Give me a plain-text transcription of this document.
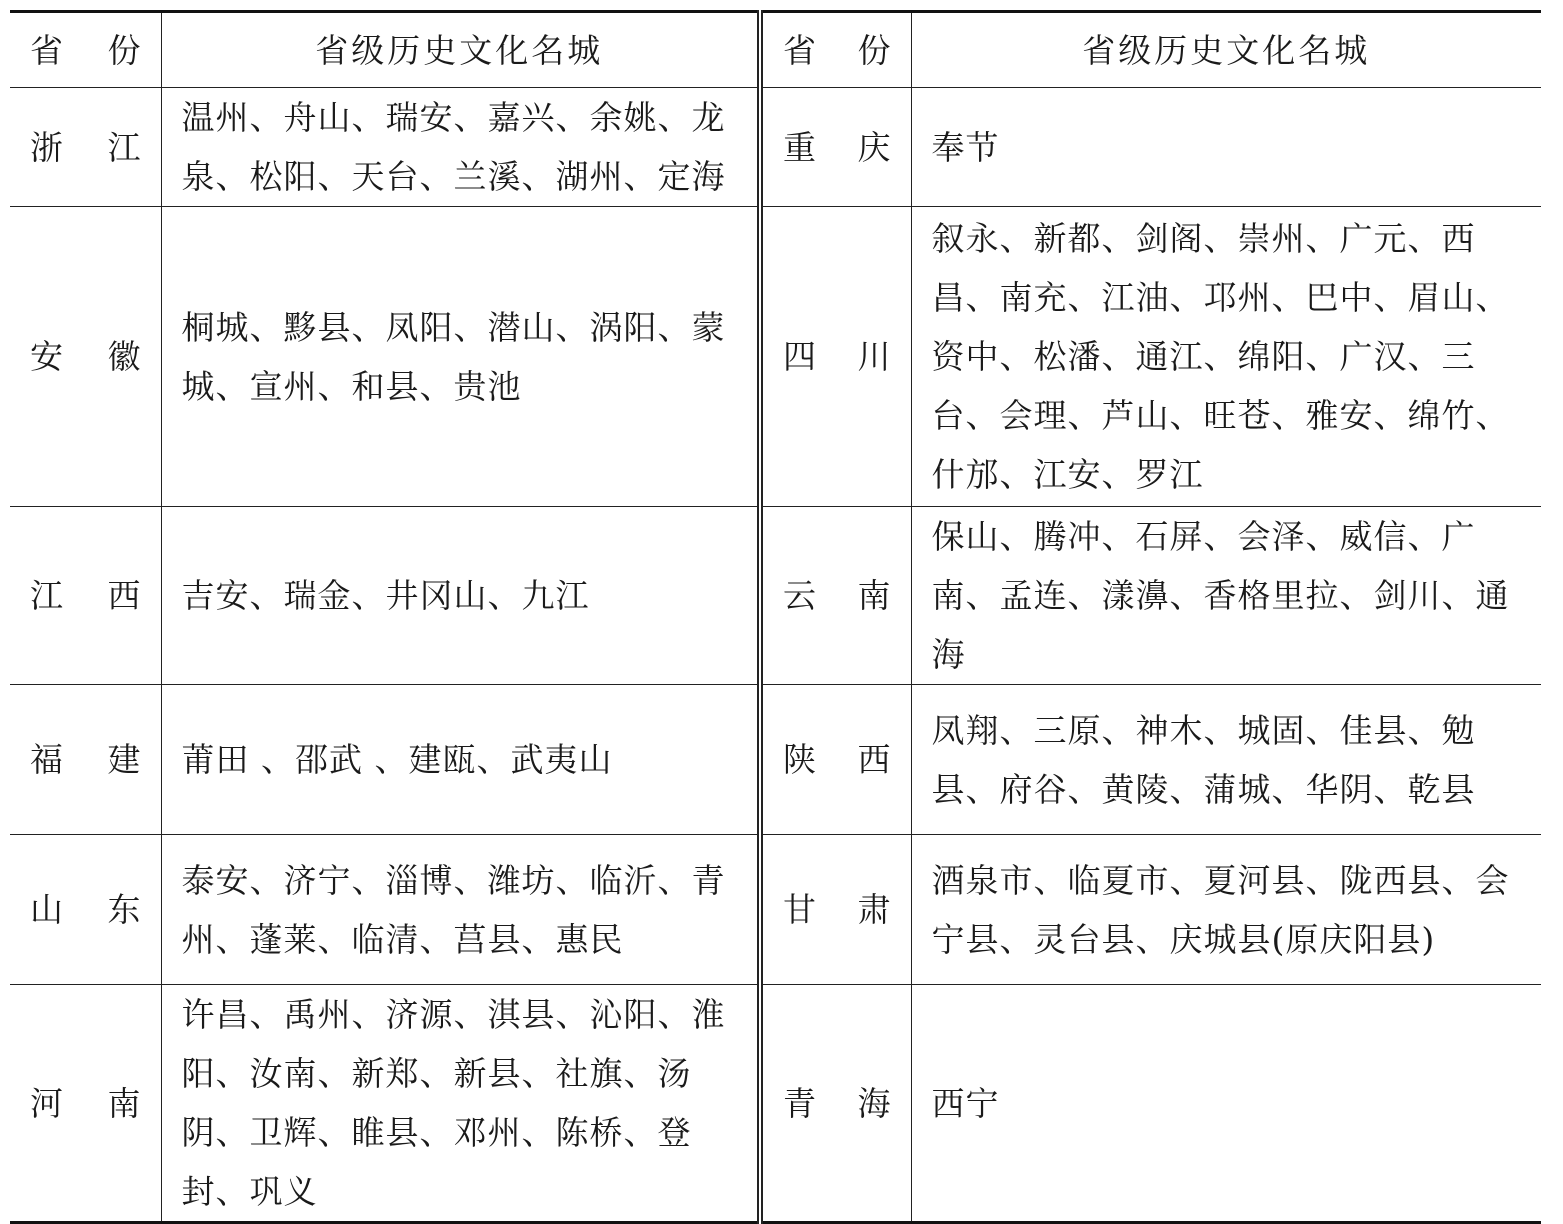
省　份	省级历史文化名城	省　份	省级历史文化名城
浙　江	温州、舟山、瑞安、嘉兴、余姚、龙泉、松阳、天台、兰溪、湖州、定海	重　庆	奉节
安　徽	桐城、黟县、凤阳、潜山、涡阳、蒙城、宣州、和县、贵池	四　川	叙永、新都、剑阁、崇州、广元、西昌、南充、江油、邛州、巴中、眉山、资中、松潘、通江、绵阳、广汉、三台、会理、芦山、旺苍、雅安、绵竹、什邡、江安、罗江
江　西	吉安、瑞金、井冈山、九江	云　南	保山、腾冲、石屏、会泽、威信、广南、孟连、漾濞、香格里拉、剑川、通海
福　建	莆田 、邵武 、建瓯、武夷山	陕　西	凤翔、三原、神木、城固、佳县、勉县、府谷、黄陵、蒲城、华阴、乾县
山　东	泰安、济宁、淄博、潍坊、临沂、青州、蓬莱、临清、莒县、惠民	甘　肃	酒泉市、临夏市、夏河县、陇西县、会宁县、灵台县、庆城县(原庆阳县)
河　南	许昌、禹州、济源、淇县、沁阳、淮阳、汝南、新郑、新县、社旗、汤阴、卫辉、睢县、邓州、陈桥、登封、巩义	青　海	西宁
